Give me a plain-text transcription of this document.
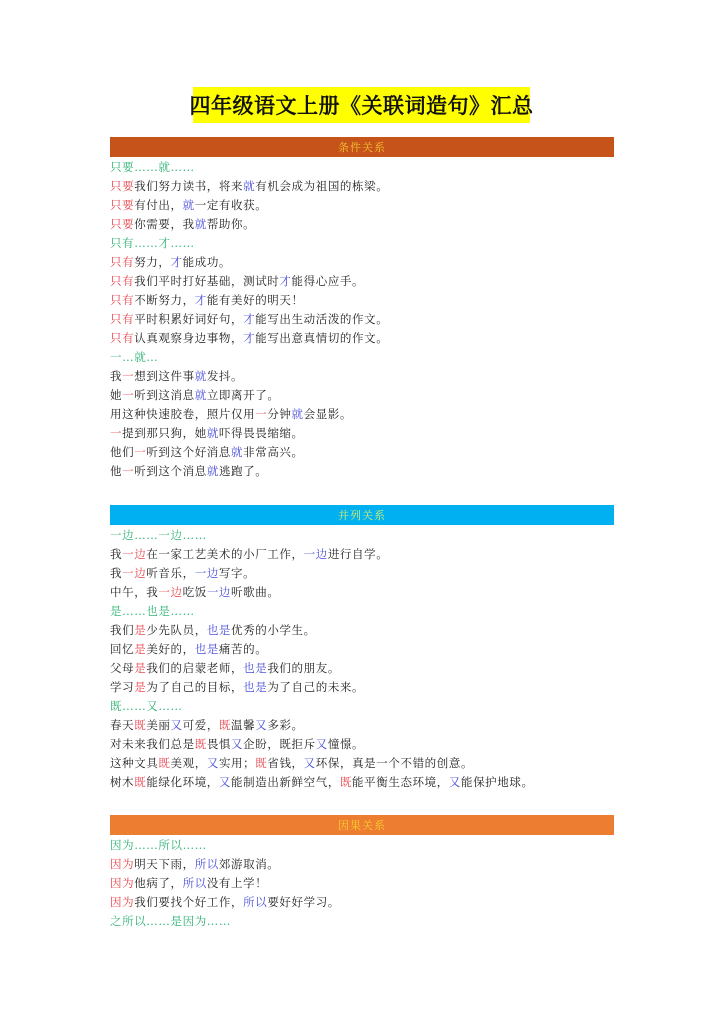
四年级语文上册《关联词造句》汇总
条件关系
只要……就……
只要我们努力读书，将来就有机会成为祖国的栋梁。
只要有付出，就一定有收获。
只要你需要，我就帮助你。
只有……才……
只有努力，才能成功。
只有我们平时打好基础，测试时才能得心应手。
只有不断努力，才能有美好的明天！
只有平时积累好词好句，才能写出生动活泼的作文。
只有认真观察身边事物，才能写出意真情切的作文。
一…就…
我一想到这件事就发抖。
她一听到这消息就立即离开了。
用这种快速胶卷，照片仅用一分钟就会显影。
一提到那只狗，她就吓得畏畏缩缩。
他们一听到这个好消息就非常高兴。
他一听到这个消息就逃跑了。
并列关系
一边……一边……
我一边在一家工艺美术的小厂工作，一边进行自学。
我一边听音乐，一边写字。
中午，我一边吃饭一边听歌曲。
是……也是……
我们是少先队员，也是优秀的小学生。
回忆是美好的，也是痛苦的。
父母是我们的启蒙老师，也是我们的朋友。
学习是为了自己的目标，也是为了自己的未来。
既……又……
春天既美丽又可爱，既温馨又多彩。
对未来我们总是既畏惧又企盼，既拒斥又憧憬。
这种文具既美观，又实用；既省钱，又环保，真是一个不错的创意。
树木既能绿化环境，又能制造出新鲜空气，既能平衡生态环境，又能保护地球。
因果关系
因为……所以……
因为明天下雨，所以郊游取消。
因为他病了，所以没有上学！
因为我们要找个好工作，所以要好好学习。
之所以……是因为……
